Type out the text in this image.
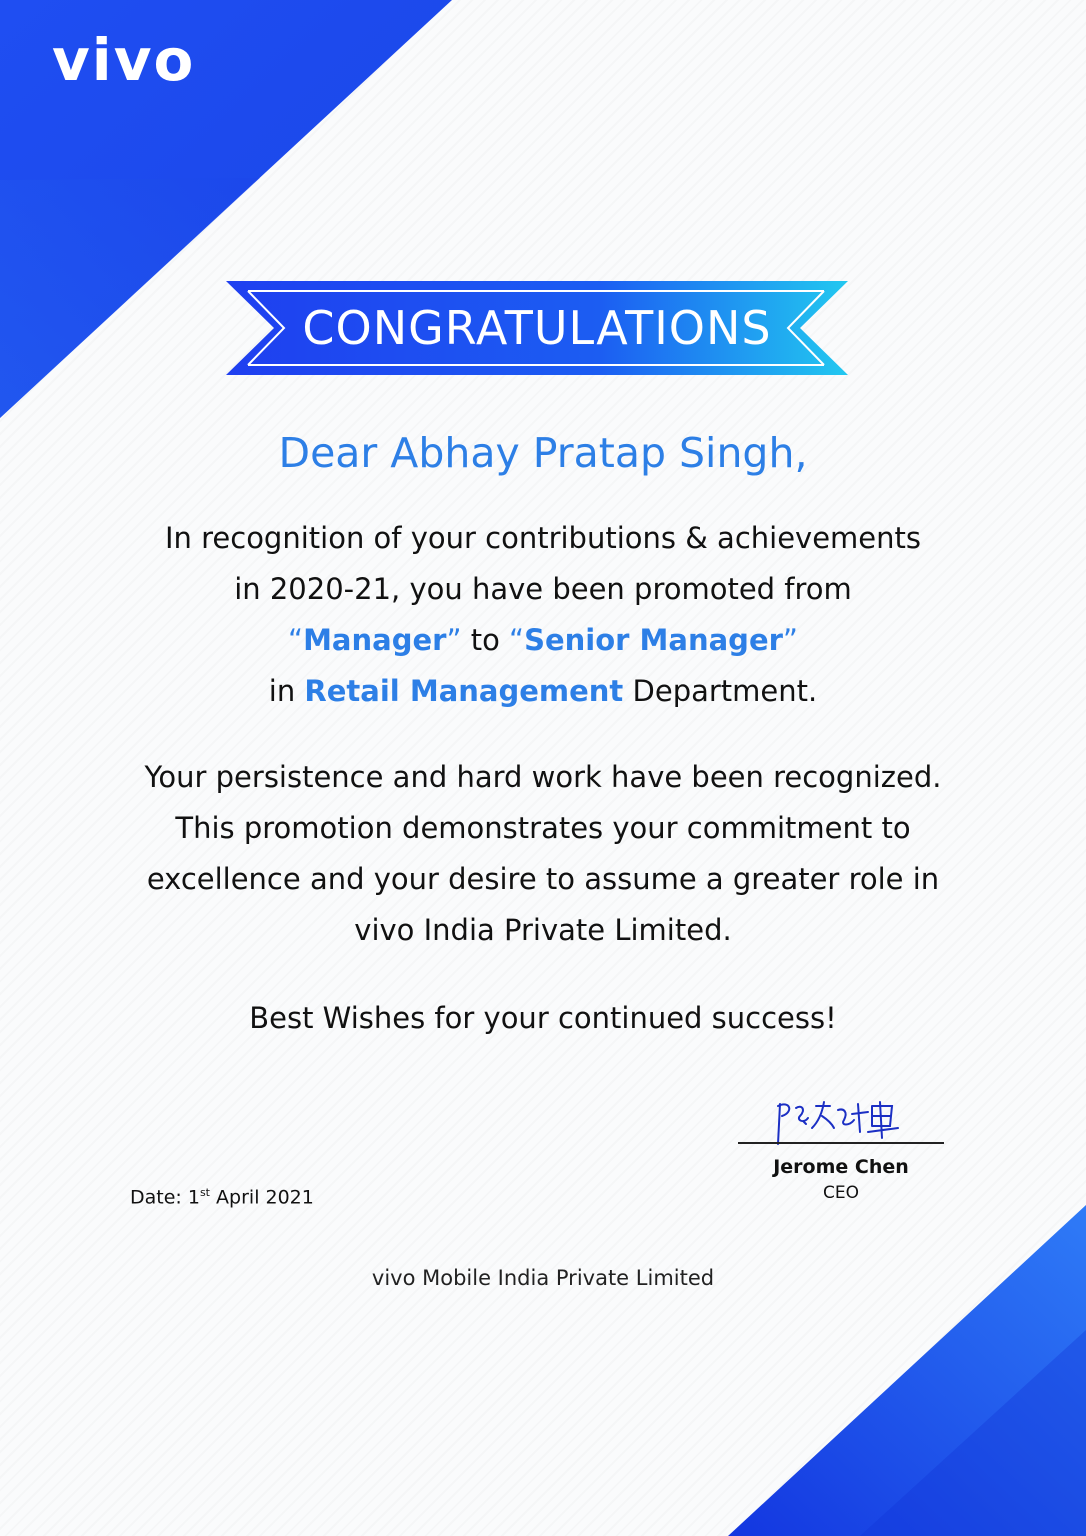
vivo
CONGRATULATIONS
Dear Abhay Pratap Singh,
In recognition of your contributions & achievements
in 2020-21, you have been promoted from
“Manager” to “Senior Manager”
in Retail Management Department.
Your persistence and hard work have been recognized.
This promotion demonstrates your commitment to
excellence and your desire to assume a greater role in
vivo India Private Limited.
Best Wishes for your continued success!
Date: 1st April 2021
Jerome Chen
CEO
vivo Mobile India Private Limited
